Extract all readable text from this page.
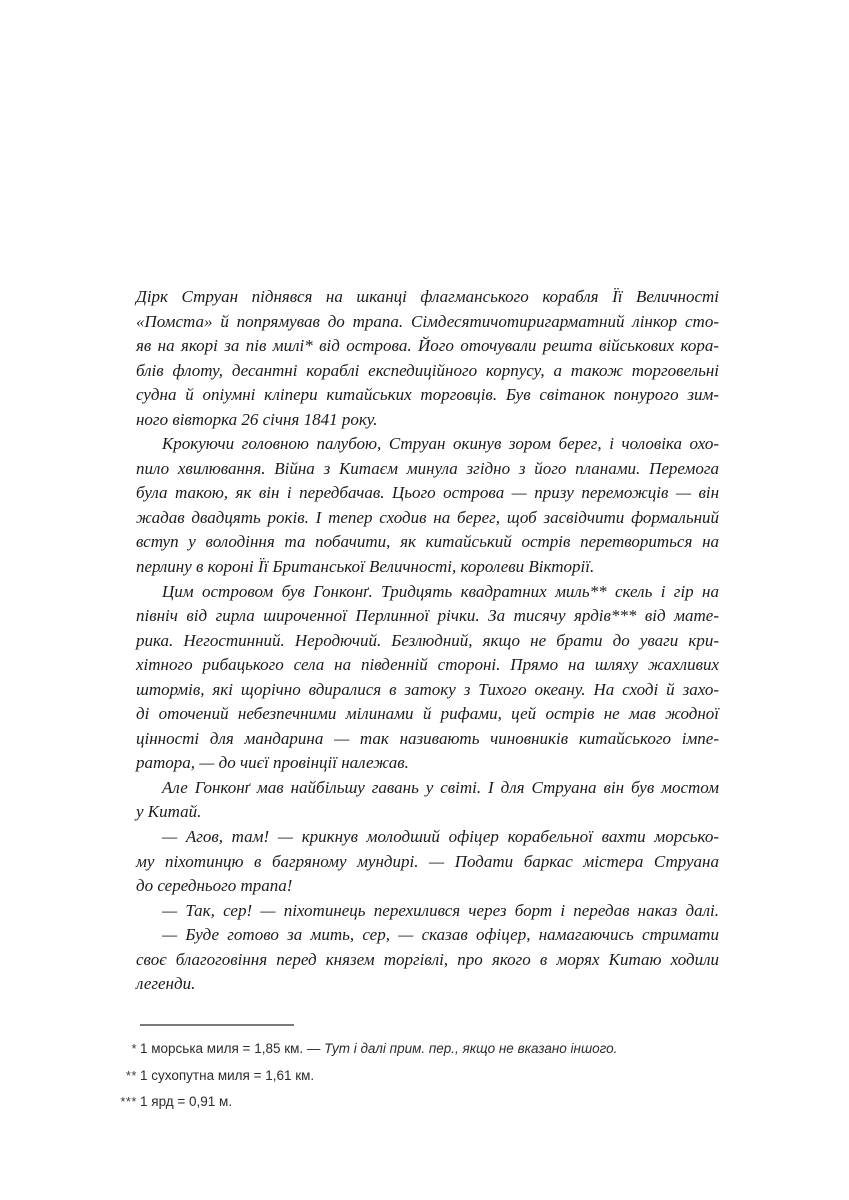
Дірк Струан піднявся на шканці флагманського корабля Її Величності
«Помста» й попрямував до трапа. Сімдесятичотиригарматний лінкор сто-
яв на якорі за пів милі* від острова. Його оточували решта військових кора-
блів флоту, десантні кораблі експедиційного корпусу, а також торговельні
судна й опіумні кліпери китайських торговців. Був світанок понурого зим-
ного вівторка 26 січня 1841 року.

Крокуючи головною палубою, Струан окинув зором берег, і чоловіка охо-
пило хвилювання. Війна з Китаєм минула згідно з його планами. Перемога
була такою, як він і передбачав. Цього острова — призу переможців — він
жадав двадцять років. І тепер сходив на берег, щоб засвідчити формальний
вступ у володіння та побачити, як китайський острів перетвориться на
перлину в короні Її Британської Величності, королеви Вікторії.

Цим островом був Гонконґ. Тридцять квадратних миль** скель і гір на
північ від гирла широченної Перлинної річки. За тисячу ярдів*** від мате-
рика. Негостинний. Неродючий. Безлюдний, якщо не брати до уваги кри-
хітного рибацького села на південній стороні. Прямо на шляху жахливих
штормів, які щорічно вдиралися в затоку з Тихого океану. На сході й захо-
ді оточений небезпечними мілинами й рифами, цей острів не мав жодної
цінності для мандарина — так називають чиновників китайського імпе-
ратора, — до чиєї провінції належав.

Але Гонконґ мав найбільшу гавань у світі. І для Струана він був мостом
у Китай.

— Агов, там! — крикнув молодший офіцер корабельної вахти морсько-
му піхотинцю в багряному мундирі. — Подати баркас містера Струана
до середнього трапа!

— Так, сер! — піхотинець перехилився через борт і передав наказ далі.

— Буде готово за мить, сер, — сказав офіцер, намагаючись стримати
своє благоговіння перед князем торгівлі, про якого в морях Китаю ходили
легенди.

* 1 морська миля = 1,85 км. — Тут і далі прим. пер., якщо не вказано іншого.
** 1 сухопутна миля = 1,61 км.
*** 1 ярд = 0,91 м.
